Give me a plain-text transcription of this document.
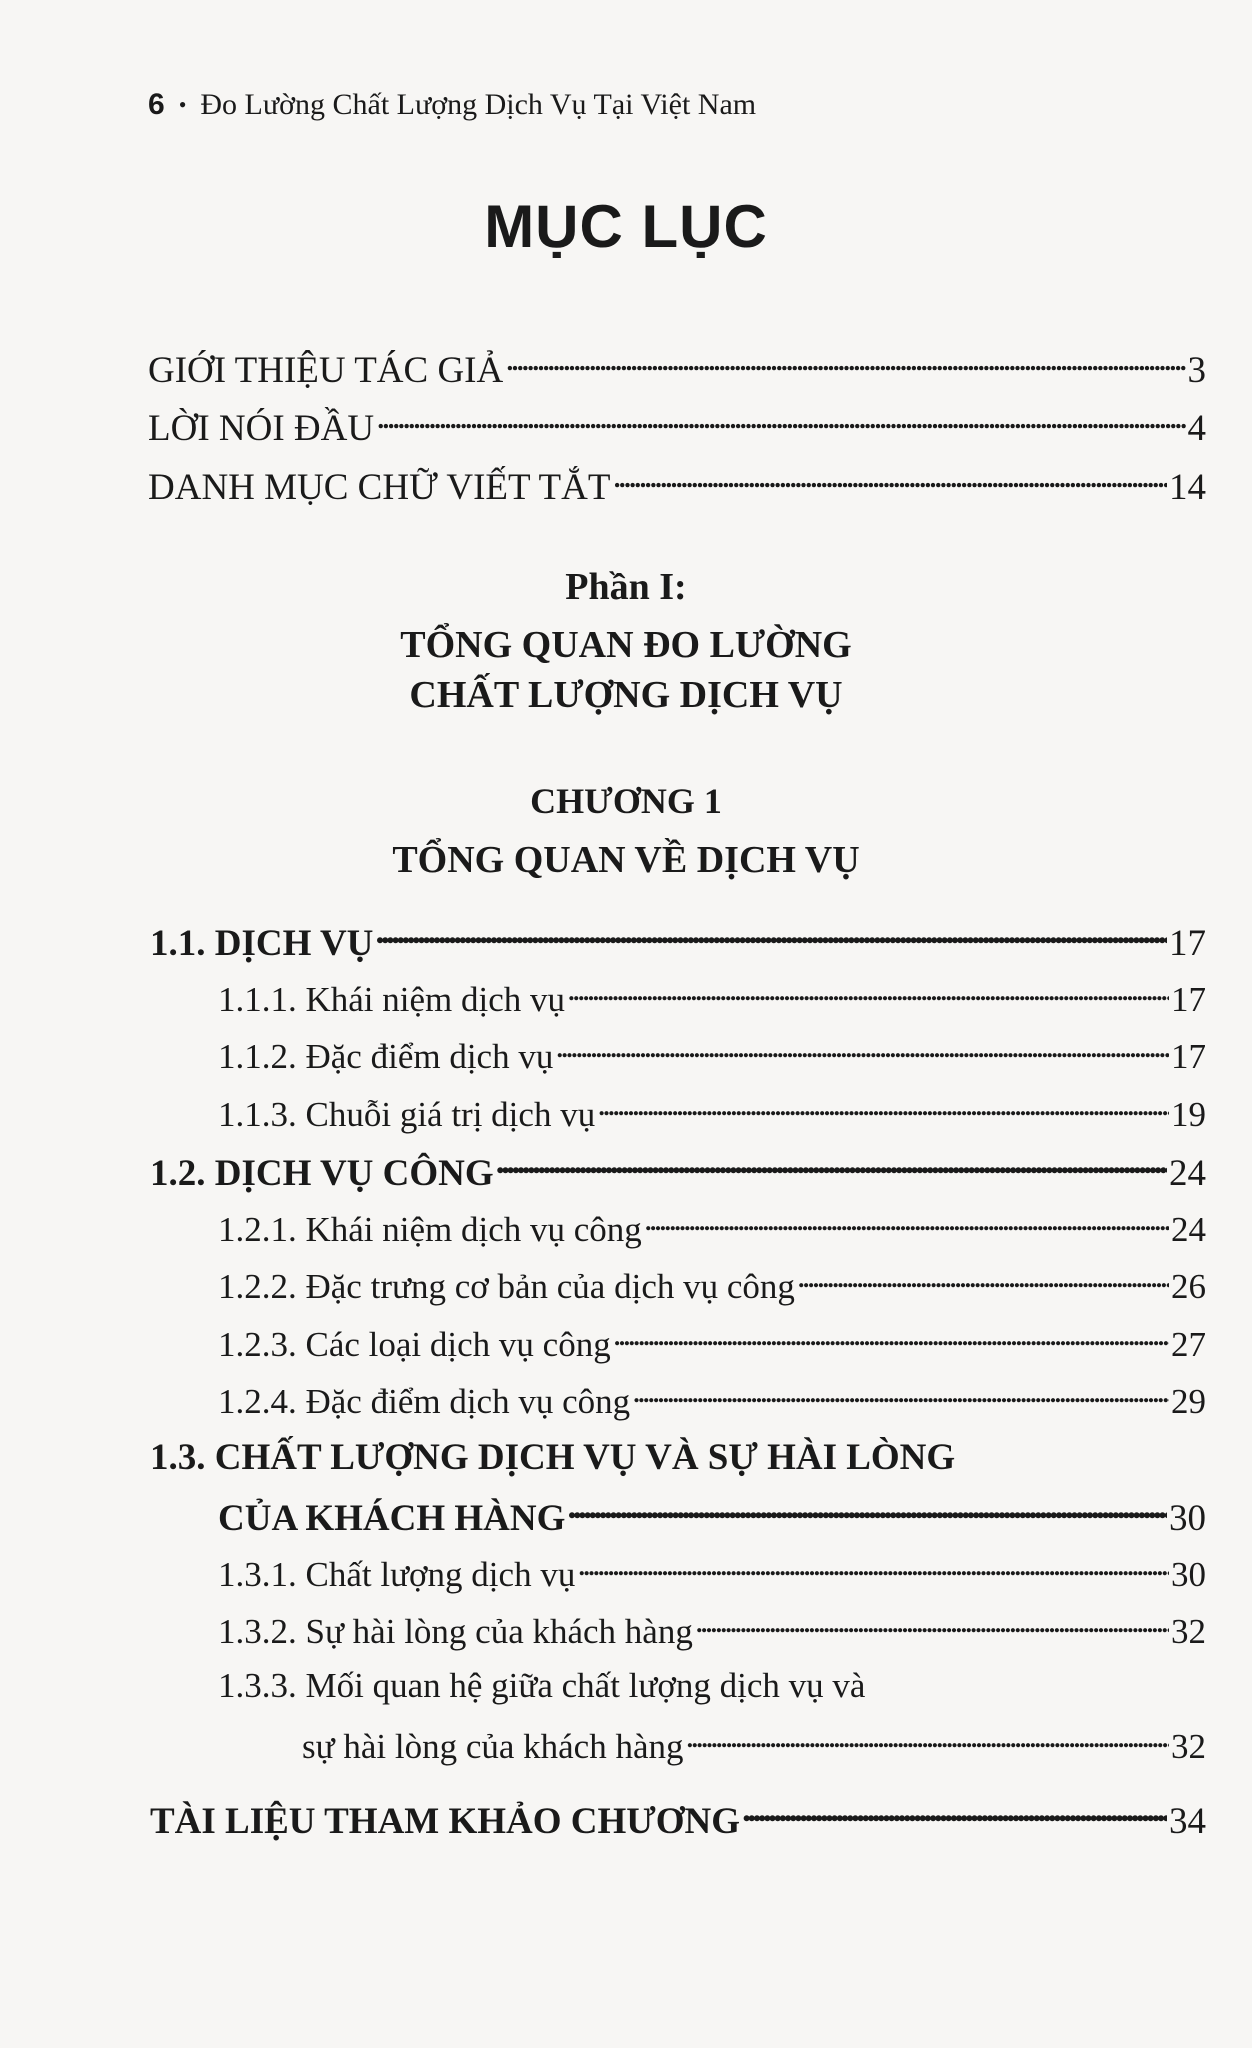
6 • Đo Lường Chất Lượng Dịch Vụ Tại Việt Nam
MỤC LỤC
GIỚI THIỆU TÁC GIẢ . . .	3
LỜI NÓI ĐẦU . . .	4
DANH MỤC CHỮ VIẾT TẮT . . .	14
Phần I:
TỔNG QUAN ĐO LƯỜNG
CHẤT LƯỢNG DỊCH VỤ
CHƯƠNG 1
TỔNG QUAN VỀ DỊCH VỤ
1.1. DỊCH VỤ . . .	17
1.1.1. Khái niệm dịch vụ . . .	17
1.1.2. Đặc điểm dịch vụ . . .	17
1.1.3. Chuỗi giá trị dịch vụ . . .	19
1.2. DỊCH VỤ CÔNG . . .	24
1.2.1. Khái niệm dịch vụ công . . .	24
1.2.2. Đặc trưng cơ bản của dịch vụ công . . .	26
1.2.3. Các loại dịch vụ công . . .	27
1.2.4. Đặc điểm dịch vụ công . . .	29
1.3. CHẤT LƯỢNG DỊCH VỤ VÀ SỰ HÀI LÒNG
CỦA KHÁCH HÀNG . . .	30
1.3.1. Chất lượng dịch vụ . . .	30
1.3.2. Sự hài lòng của khách hàng . . .	32
1.3.3. Mối quan hệ giữa chất lượng dịch vụ và
sự hài lòng của khách hàng . . .	32
TÀI LIỆU THAM KHẢO CHƯƠNG . . .	34
